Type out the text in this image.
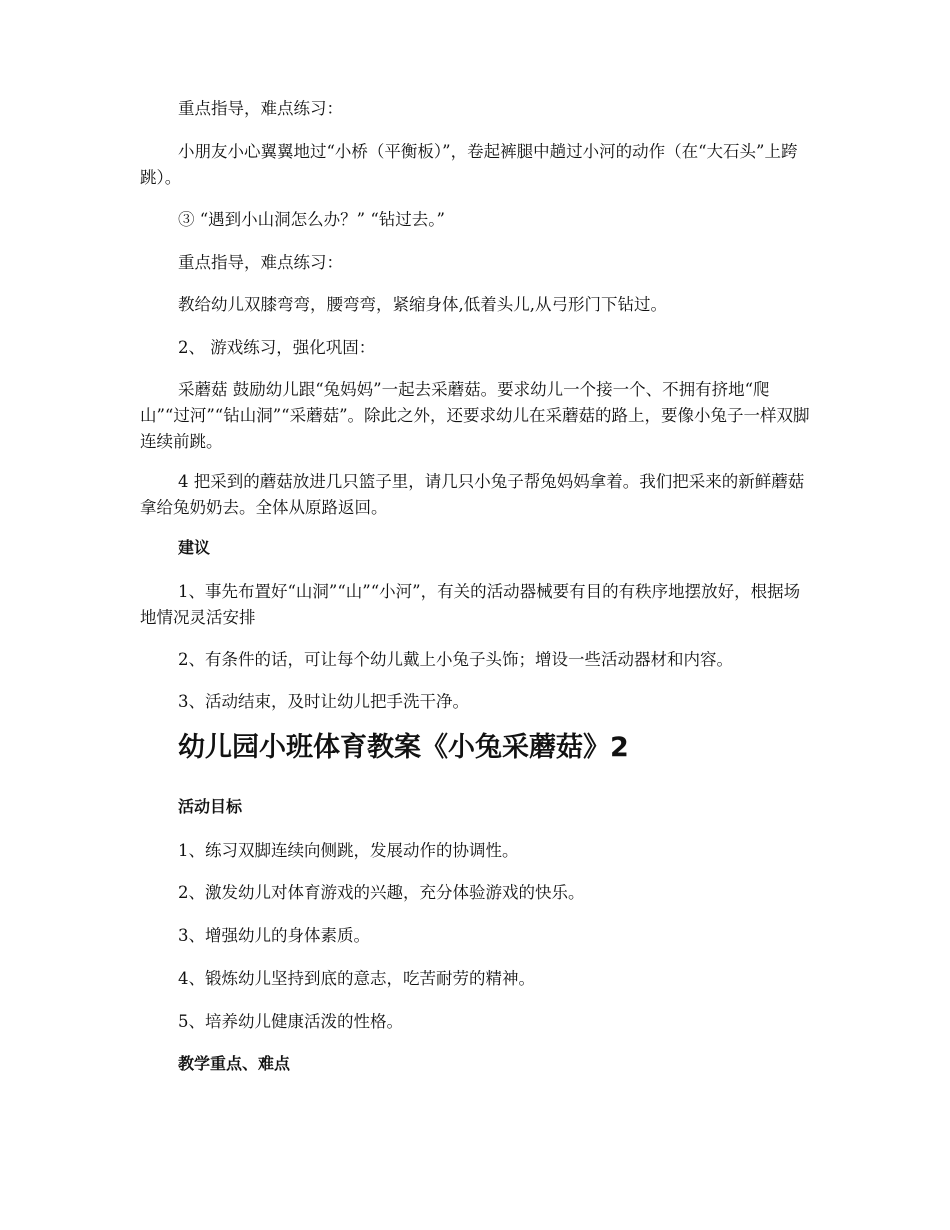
重点指导，难点练习：

小朋友小心翼翼地过“小桥（平衡板）”，卷起裤腿中趟过小河的动作（在“大石头”上跨跳）。

③ “遇到小山洞怎么办？” “钻过去。”

重点指导，难点练习：

教给幼儿双膝弯弯，腰弯弯，紧缩身体,低着头儿,从弓形门下钻过。

2、 游戏练习，强化巩固：

采蘑菇 鼓励幼儿跟“兔妈妈”一起去采蘑菇。要求幼儿一个接一个、不拥有挤地“爬山”“过河”“钻山洞”“采蘑菇”。除此之外，还要求幼儿在采蘑菇的路上，要像小兔子一样双脚连续前跳。

4 把采到的蘑菇放进几只篮子里，请几只小兔子帮兔妈妈拿着。我们把采来的新鲜蘑菇拿给兔奶奶去。全体从原路返回。

建议

1、事先布置好“山洞”“山”“小河”，有关的活动器械要有目的有秩序地摆放好，根据场地情况灵活安排

2、有条件的话，可让每个幼儿戴上小兔子头饰；增设一些活动器材和内容。

3、活动结束，及时让幼儿把手洗干净。

幼儿园小班体育教案《小兔采蘑菇》2
活动目标

1、练习双脚连续向侧跳，发展动作的协调性。

2、激发幼儿对体育游戏的兴趣，充分体验游戏的快乐。

3、增强幼儿的身体素质。

4、锻炼幼儿坚持到底的意志，吃苦耐劳的精神。

5、培养幼儿健康活泼的性格。

教学重点、难点
